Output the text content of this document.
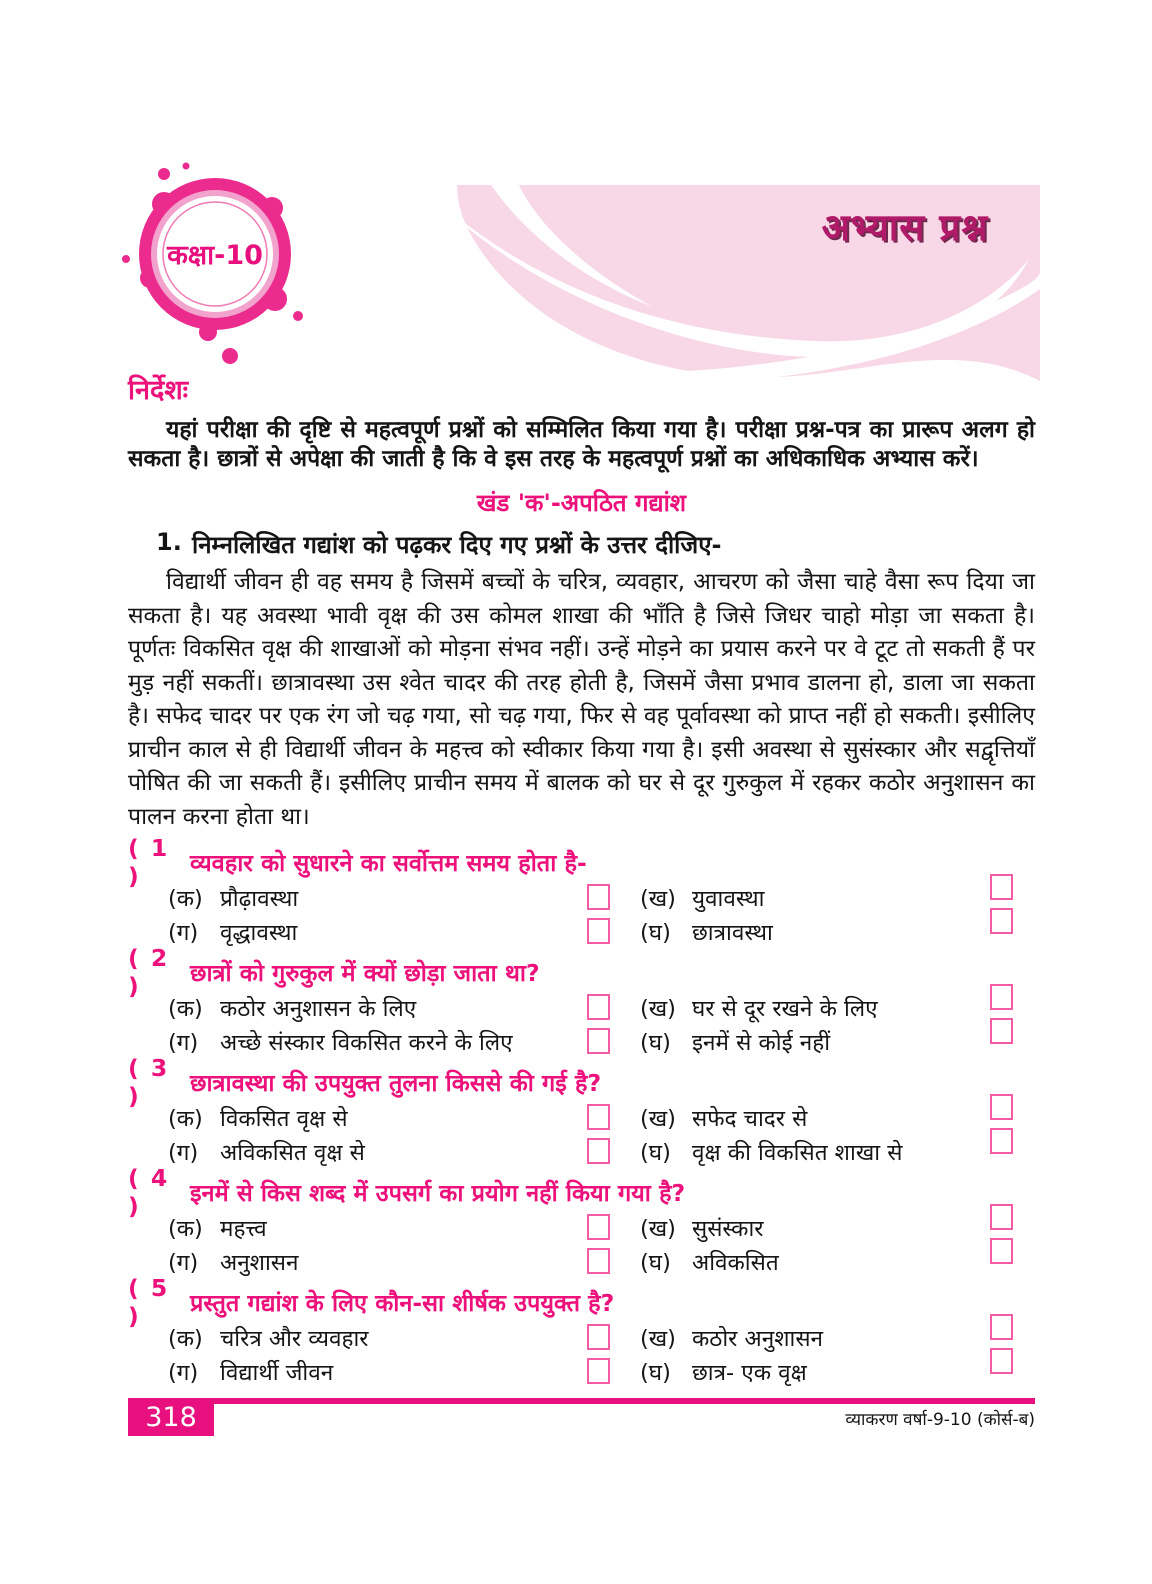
कक्षा-10
अभ्यास प्रश्न
निर्देशः

यहां परीक्षा की दृष्टि से महत्वपूर्ण प्रश्नों को सम्मिलित किया गया है। परीक्षा प्रश्न-पत्र का प्रारूप अलग हो सकता है। छात्रों से अपेक्षा की जाती है कि वे इस तरह के महत्वपूर्ण प्रश्नों का अधिकाधिक अभ्यास करें।

खंड 'क'-अपठित गद्यांश
1. निम्नलिखित गद्यांश को पढ़कर दिए गए प्रश्नों के उत्तर दीजिए-

विद्यार्थी जीवन ही वह समय है जिसमें बच्चों के चरित्र, व्यवहार, आचरण को जैसा चाहे वैसा रूप दिया जा सकता है। यह अवस्था भावी वृक्ष की उस कोमल शाखा की भाँति है जिसे जिधर चाहो मोड़ा जा सकता है। पूर्णतः विकसित वृक्ष की शाखाओं को मोड़ना संभव नहीं। उन्हें मोड़ने का प्रयास करने पर वे टूट तो सकती हैं पर मुड़ नहीं सकतीं। छात्रावस्था उस श्वेत चादर की तरह होती है, जिसमें जैसा प्रभाव डालना हो, डाला जा सकता है। सफेद चादर पर एक रंग जो चढ़ गया, सो चढ़ गया, फिर से वह पूर्वावस्था को प्राप्त नहीं हो सकती। इसीलिए प्राचीन काल से ही विद्यार्थी जीवन के महत्त्व को स्वीकार किया गया है। इसी अवस्था से सुसंस्कार और सद्वृत्तियाँ पोषित की जा सकती हैं। इसीलिए प्राचीन समय में बालक को घर से दूर गुरुकुल में रहकर कठोर अनुशासन का पालन करना होता था।

( 1 )	व्यवहार को सुधारने का सर्वोत्तम समय होता है-
(क) प्रौढ़ावस्था	(ख) युवावस्था
(ग) वृद्धावस्था	(घ) छात्रावस्था
( 2 )	छात्रों को गुरुकुल में क्यों छोड़ा जाता था?
(क) कठोर अनुशासन के लिए	(ख) घर से दूर रखने के लिए
(ग) अच्छे संस्कार विकसित करने के लिए	(घ) इनमें से कोई नहीं
( 3 )	छात्रावस्था की उपयुक्त तुलना किससे की गई है?
(क) विकसित वृक्ष से	(ख) सफेद चादर से
(ग) अविकसित वृक्ष से	(घ) वृक्ष की विकसित शाखा से
( 4 )	इनमें से किस शब्द में उपसर्ग का प्रयोग नहीं किया गया है?
(क) महत्त्व	(ख) सुसंस्कार
(ग) अनुशासन	(घ) अविकसित
( 5 )	प्रस्तुत गद्यांश के लिए कौन-सा शीर्षक उपयुक्त है?
(क) चरित्र और व्यवहार	(ख) कठोर अनुशासन
(ग) विद्यार्थी जीवन	(घ) छात्र- एक वृक्ष
318	व्याकरण वर्षा-9-10 (कोर्स-ब)
